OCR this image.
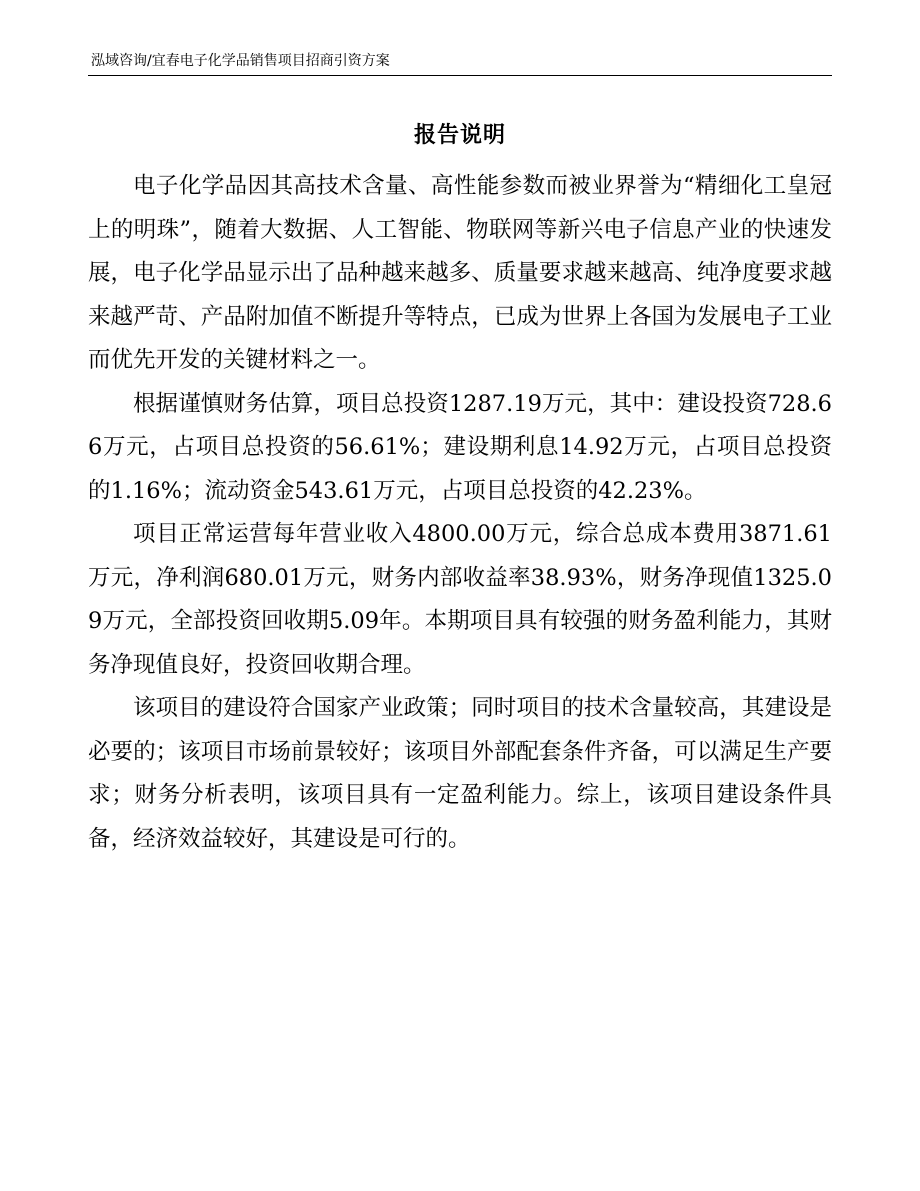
泓域咨询/宜春电子化学品销售项目招商引资方案
报告说明

电子化学品因其高技术含量、高性能参数而被业界誉为“精细化工皇冠上的明珠”，随着大数据、人工智能、物联网等新兴电子信息产业的快速发展，电子化学品显示出了品种越来越多、质量要求越来越高、纯净度要求越来越严苛、产品附加值不断提升等特点，已成为世界上各国为发展电子工业而优先开发的关键材料之一。

根据谨慎财务估算，项目总投资1287.19万元，其中：建设投资728.66万元，占项目总投资的56.61%；建设期利息14.92万元，占项目总投资的1.16%；流动资金543.61万元，占项目总投资的42.23%。

项目正常运营每年营业收入4800.00万元，综合总成本费用3871.61万元，净利润680.01万元，财务内部收益率38.93%，财务净现值1325.09万元，全部投资回收期5.09年。本期项目具有较强的财务盈利能力，其财务净现值良好，投资回收期合理。

该项目的建设符合国家产业政策；同时项目的技术含量较高，其建设是必要的；该项目市场前景较好；该项目外部配套条件齐备，可以满足生产要求；财务分析表明，该项目具有一定盈利能力。综上，该项目建设条件具备，经济效益较好，其建设是可行的。
